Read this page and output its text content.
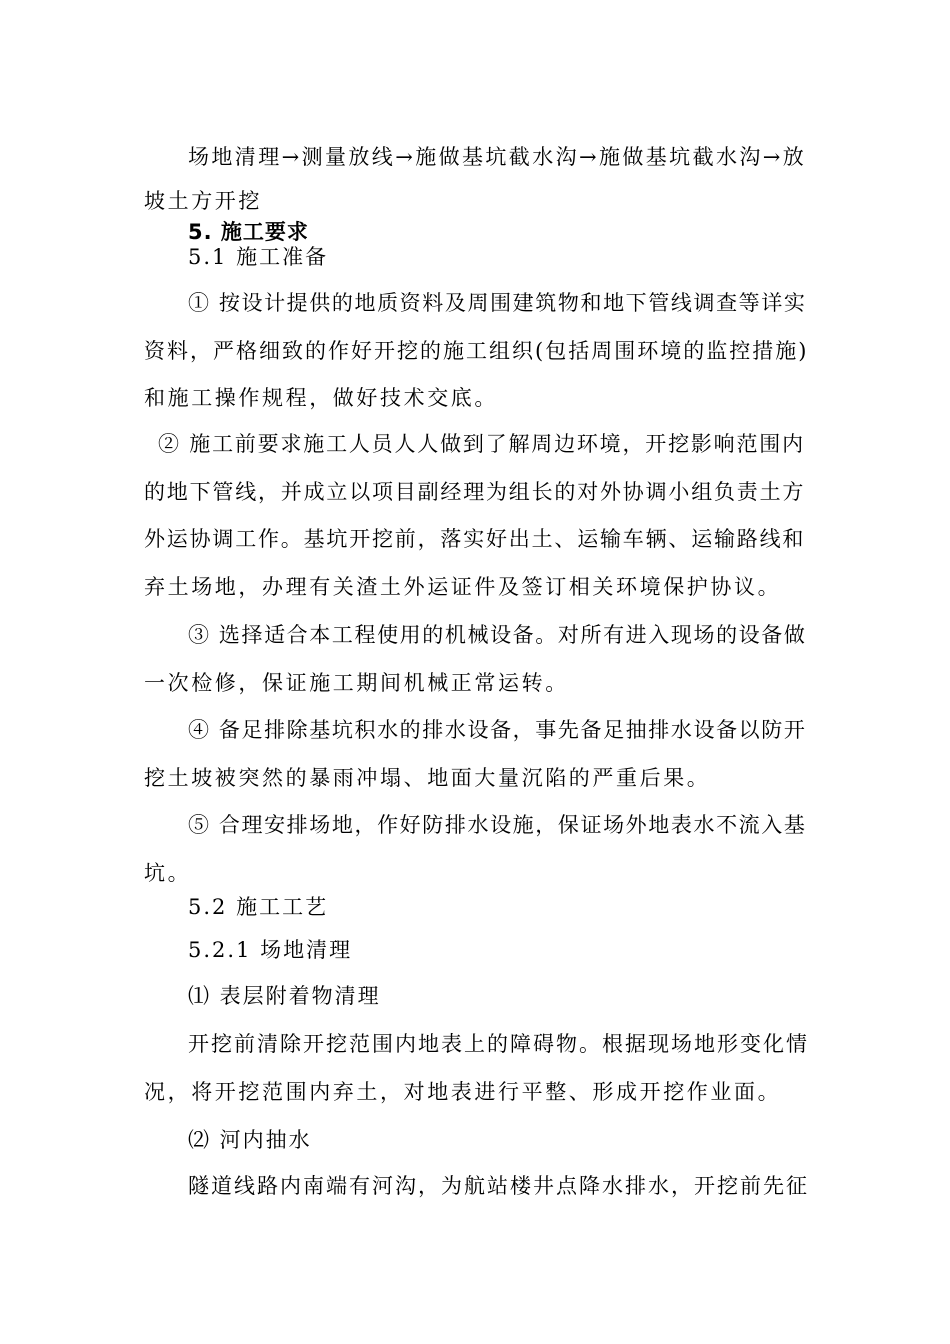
场地清理→测量放线→施做基坑截水沟→施做基坑截水沟→放
坡土方开挖
5. 施工要求
5.1 施工准备
① 按设计提供的地质资料及周围建筑物和地下管线调查等详实
资料，严格细致的作好开挖的施工组织(包括周围环境的监控措施)
和施工操作规程，做好技术交底。
② 施工前要求施工人员人人做到了解周边环境，开挖影响范围内
的地下管线，并成立以项目副经理为组长的对外协调小组负责土方
外运协调工作。基坑开挖前，落实好出土、运输车辆、运输路线和
弃土场地，办理有关渣土外运证件及签订相关环境保护协议。
③ 选择适合本工程使用的机械设备。对所有进入现场的设备做
一次检修，保证施工期间机械正常运转。
④ 备足排除基坑积水的排水设备，事先备足抽排水设备以防开
挖土坡被突然的暴雨冲塌、地面大量沉陷的严重后果。
⑤ 合理安排场地，作好防排水设施，保证场外地表水不流入基
坑。
5.2 施工工艺
5.2.1 场地清理
⑴ 表层附着物清理
开挖前清除开挖范围内地表上的障碍物。根据现场地形变化情
况，将开挖范围内弃土，对地表进行平整、形成开挖作业面。
⑵ 河内抽水
隧道线路内南端有河沟，为航站楼井点降水排水，开挖前先征
